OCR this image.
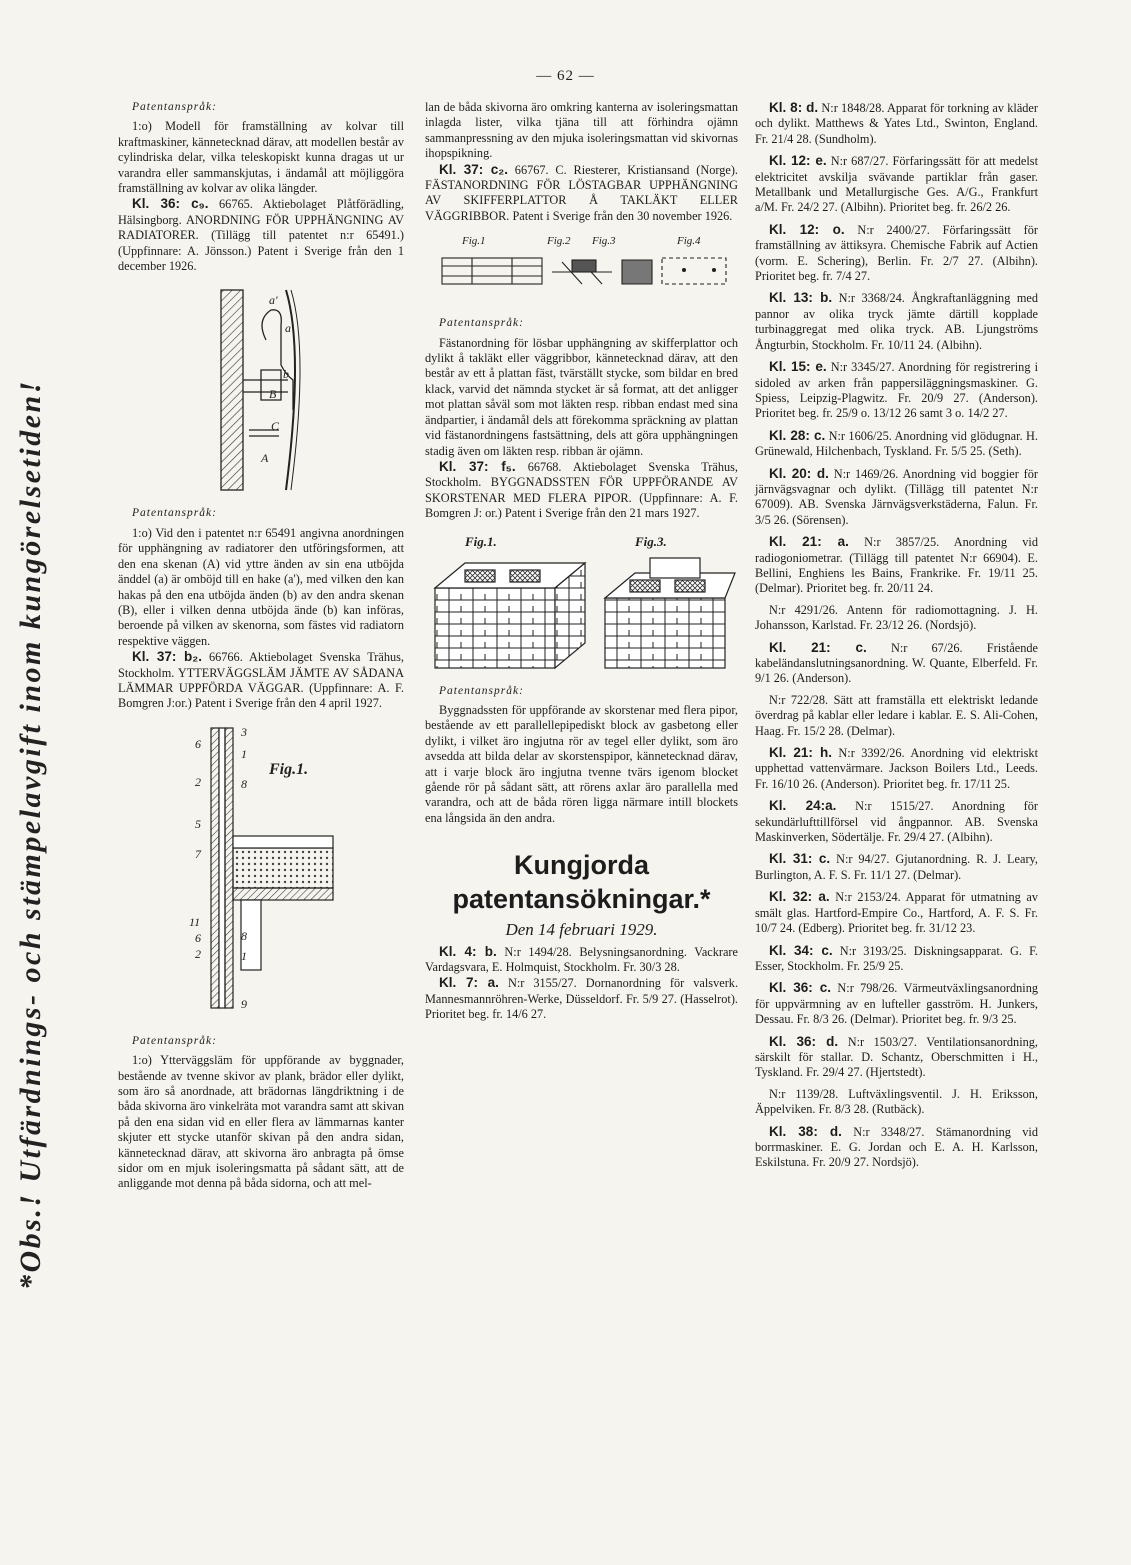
— 62 —
*Obs.! Utfärdnings- och stämpelavgift inom kungörelsetiden!
Patentanspråk:

1:o) Modell för framställning av kolvar till kraftmaskiner, kännetecknad därav, att modellen består av cylindriska delar, vilka teleskopiskt kunna dragas ut ur varandra eller sammanskjutas, i ändamål att möjliggöra framställning av kolvar av olika längder.

Kl. 36: c₉. 66765. Aktiebolaget Plåtförädling, Hälsingborg. ANORDNING FÖR UPPHÄNGNING AV RADIATORER. (Tillägg till patentet n:r 65491.) (Uppfinnare: A. Jönsson.) Patent i Sverige från den 1 december 1926.

a'
a
b
B
C
A
Patentanspråk:

1:o) Vid den i patentet n:r 65491 angivna anordningen för upphängning av radiatorer den utföringsformen, att den ena skenan (A) vid yttre änden av sin ena utböjda änddel (a) är omböjd till en hake (a'), med vilken den kan hakas på den ena utböjda änden (b) av den andra skenan (B), eller i vilken denna utböjda ände (b) kan införas, beroende på vilken av skenorna, som fästes vid radiatorn respektive väggen.

Kl. 37: b₂. 66766. Aktiebolaget Svenska Trähus, Stockholm. YTTERVÄGGSLÄM JÄMTE AV SÅDANA LÄMMAR UPPFÖRDA VÄGGAR. (Uppfinnare: A. F. Bomgren J:or.) Patent i Sverige från den 4 april 1927.

6
3
1
2	8
5
7
11
6
2
8
1
9
Fig.1.
Patentanspråk:

1:o) Ytterväggsläm för uppförande av byggnader, bestående av tvenne skivor av plank, brädor eller dylikt, som äro så anordnade, att brädornas längdriktning i de båda skivorna äro vinkelräta mot varandra samt att skivan på den ena sidan vid en eller flera av lämmarnas kanter skjuter ett stycke utanför skivan på den andra sidan, kännetecknad därav, att skivorna äro anbragta på ömse sidor om en mjuk isoleringsmatta på sådant sätt, att de anliggande mot denna på båda sidorna, och att mel-

lan de båda skivorna äro omkring kanterna av isoleringsmattan inlagda lister, vilka tjäna till att förhindra ojämn sammanpressning av den mjuka isoleringsmattan vid skivornas ihopspikning.

Kl. 37: c₂. 66767. C. Riesterer, Kristiansand (Norge). FÄSTANORDNING FÖR LÖSTAGBAR UPPHÄNGNING AV SKIFFERPLATTOR Å TAKLÄKT ELLER VÄGGRIBBOR. Patent i Sverige från den 30 november 1926.

Fig.1	Fig.2 Fig.3	Fig.4
Patentanspråk:

Fästanordning för lösbar upphängning av skifferplattor och dylikt å takläkt eller väggribbor, kännetecknad därav, att den består av ett å plattan fäst, tvärställt stycke, som bildar en bred klack, varvid det nämnda stycket är så format, att det anligger mot plattan såväl som mot läkten resp. ribban endast med sina ändpartier, i ändamål dels att förekomma spräckning av plattan vid fästanordningens fastsättning, dels att göra upphängningen stadig även om läkten resp. ribban är ojämn.

Kl. 37: f₅. 66768. Aktiebolaget Svenska Trähus, Stockholm. BYGGNADSSTEN FÖR UPPFÖRANDE AV SKORSTENAR MED FLERA PIPOR. (Uppfinnare: A. F. Bomgren J: or.) Patent i Sverige från den 21 mars 1927.

Fig.1.	Fig.3.
Patentanspråk:

Byggnadssten för uppförande av skorstenar med flera pipor, bestående av ett parallellepipediskt block av gasbetong eller dylikt, i vilket äro ingjutna rör av tegel eller dylikt, som äro avsedda att bilda delar av skorstenspipor, kännetecknad därav, att i varje block äro ingjutna tvenne tvärs igenom blocket gående rör på sådant sätt, att rörens axlar äro parallella med varandra, och att de båda rören ligga närmare intill blockets ena långsida än den andra.

Kungjorda patentansökningar.*
Den 14 februari 1929.

Kl. 4: b. N:r 1494/28. Belysningsanordning. Vackrare Vardagsvara, E. Holmquist, Stockholm. Fr. 30/3 28.

Kl. 7: a. N:r 3155/27. Dornanordning för valsverk. Mannesmannröhren-Werke, Düsseldorf. Fr. 5/9 27. (Hasselrot). Prioritet beg. fr. 14/6 27.

Kl. 8: d. N:r 1848/28. Apparat för torkning av kläder och dylikt. Matthews & Yates Ltd., Swinton, England. Fr. 21/4 28. (Sundholm).

Kl. 12: e. N:r 687/27. Förfaringssätt för att medelst elektricitet avskilja svävande partiklar från gaser. Metallbank und Metallurgische Ges. A/G., Frankfurt a/M. Fr. 24/2 27. (Albihn). Prioritet beg. fr. 26/2 26.

Kl. 12: o. N:r 2400/27. Förfaringssätt för framställning av ättiksyra. Chemische Fabrik auf Actien (vorm. E. Schering), Berlin. Fr. 2/7 27. (Albihn). Prioritet beg. fr. 7/4 27.

Kl. 13: b. N:r 3368/24. Ångkraftanläggning med pannor av olika tryck jämte därtill kopplade turbinaggregat med olika tryck. AB. Ljungströms Ångturbin, Stockholm. Fr. 10/11 24. (Albihn).

Kl. 15: e. N:r 3345/27. Anordning för registrering i sidoled av arken från pappersiläggningsmaskiner. G. Spiess, Leipzig-Plagwitz. Fr. 20/9 27. (Anderson). Prioritet beg. fr. 25/9 o. 13/12 26 samt 3 o. 14/2 27.

Kl. 28: c. N:r 1606/25. Anordning vid glödugnar. H. Grünewald, Hilchenbach, Tyskland. Fr. 5/5 25. (Seth).

Kl. 20: d. N:r 1469/26. Anordning vid boggier för järnvägsvagnar och dylikt. (Tillägg till patentet N:r 67009). AB. Svenska Järnvägsverkstäderna, Falun. Fr. 3/5 26. (Sörensen).

Kl. 21: a. N:r 3857/25. Anordning vid radiogoniometrar. (Tillägg till patentet N:r 66904). E. Bellini, Enghiens les Bains, Frankrike. Fr. 19/11 25. (Delmar). Prioritet beg. fr. 20/11 24.

N:r 4291/26. Antenn för radiomottagning. J. H. Johansson, Karlstad. Fr. 23/12 26. (Nordsjö).

Kl. 21: c. N:r 67/26. Fristående kabeländanslutningsanordning. W. Quante, Elberfeld. Fr. 9/1 26. (Anderson).

N:r 722/28. Sätt att framställa ett elektriskt ledande överdrag på kablar eller ledare i kablar. E. S. Ali-Cohen, Haag. Fr. 15/2 28. (Delmar).

Kl. 21: h. N:r 3392/26. Anordning vid elektriskt upphettad vattenvärmare. Jackson Boilers Ltd., Leeds. Fr. 16/10 26. (Anderson). Prioritet beg. fr. 17/11 25.

Kl. 24:a. N:r 1515/27. Anordning för sekundärlufttillförsel vid ångpannor. AB. Svenska Maskinverken, Södertälje. Fr. 29/4 27. (Albihn).

Kl. 31: c. N:r 94/27. Gjutanordning. R. J. Leary, Burlington, A. F. S. Fr. 11/1 27. (Delmar).

Kl. 32: a. N:r 2153/24. Apparat för utmatning av smält glas. Hartford-Empire Co., Hartford, A. F. S. Fr. 10/7 24. (Edberg). Prioritet beg. fr. 31/12 23.

Kl. 34: c. N:r 3193/25. Diskningsapparat. G. F. Esser, Stockholm. Fr. 25/9 25.

Kl. 36: c. N:r 798/26. Värmeutväxlingsanordning för uppvärmning av en lufteller gasström. H. Junkers, Dessau. Fr. 8/3 26. (Delmar). Prioritet beg. fr. 9/3 25.

Kl. 36: d. N:r 1503/27. Ventilationsanordning, särskilt för stallar. D. Schantz, Oberschmitten i H., Tyskland. Fr. 29/4 27. (Hjertstedt).

N:r 1139/28. Luftväxlingsventil. J. H. Eriksson, Äppelviken. Fr. 8/3 28. (Rutbäck).

Kl. 38: d. N:r 3348/27. Stämanordning vid borrmaskiner. E. G. Jordan och E. A. H. Karlsson, Eskilstuna. Fr. 20/9 27. Nordsjö).
